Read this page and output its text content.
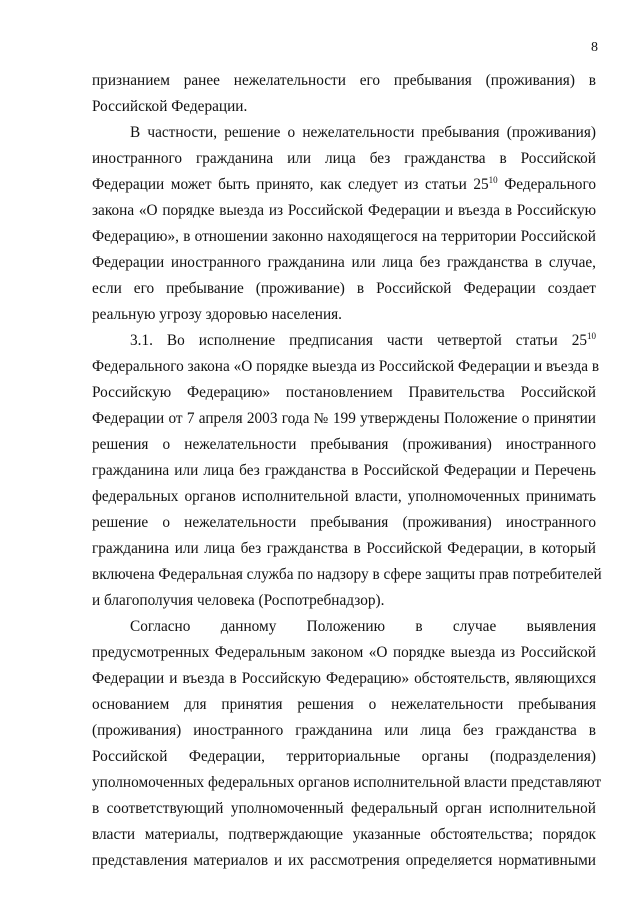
8

признанием ранее нежелательности его пребывания (проживания) в
Российской Федерации.

В частности, решение о нежелательности пребывания (проживания)
иностранного гражданина или лица без гражданства в Российской
Федерации может быть принято, как следует из статьи $25^{10}$ Федерального
закона «О порядке выезда из Российской Федерации и въезда в Российскую
Федерацию», в отношении законно находящегося на территории Российской
Федерации иностранного гражданина или лица без гражданства в случае,
если его пребывание (проживание) в Российской Федерации создает
реальную угрозу здоровью населения.

3.1. Во исполнение предписания части четвертой статьи $25^{10}$
Федерального закона «О порядке выезда из Российской Федерации и въезда в
Российскую Федерацию» постановлением Правительства Российской
Федерации от 7 апреля 2003 года № 199 утверждены Положение о принятии
решения о нежелательности пребывания (проживания) иностранного
гражданина или лица без гражданства в Российской Федерации и Перечень
федеральных органов исполнительной власти, уполномоченных принимать
решение о нежелательности пребывания (проживания) иностранного
гражданина или лица без гражданства в Российской Федерации, в который
включена Федеральная служба по надзору в сфере защиты прав потребителей
и благополучия человека (Роспотребнадзор).

Согласно данному Положению в случае выявления
предусмотренных Федеральным законом «О порядке выезда из Российской
Федерации и въезда в Российскую Федерацию» обстоятельств, являющихся
основанием для принятия решения о нежелательности пребывания
(проживания) иностранного гражданина или лица без гражданства в
Российской Федерации, территориальные органы (подразделения)
уполномоченных федеральных органов исполнительной власти представляют
в соответствующий уполномоченный федеральный орган исполнительной
власти материалы, подтверждающие указанные обстоятельства; порядок
представления материалов и их рассмотрения определяется нормативными
